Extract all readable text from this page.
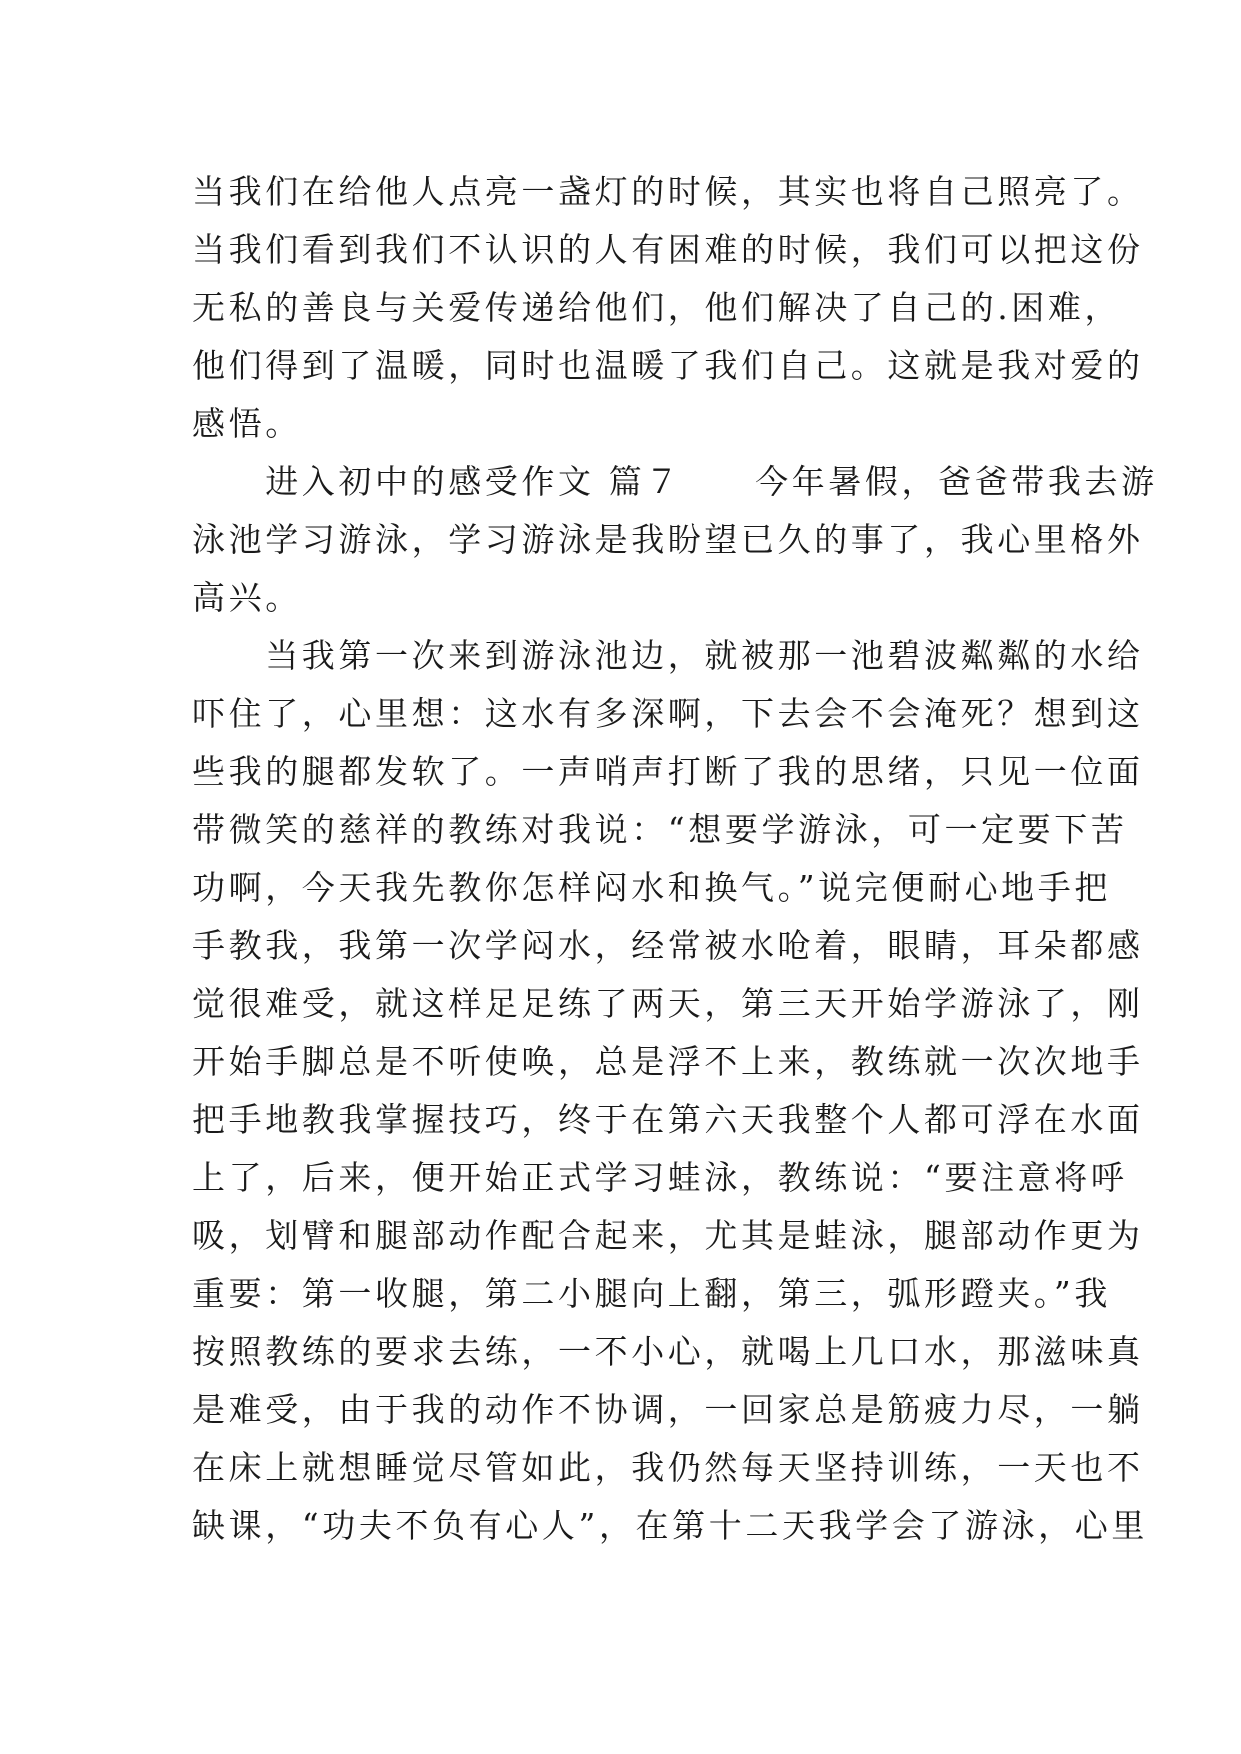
当我们在给他人点亮一盏灯的时候，其实也将自己照亮了。
当我们看到我们不认识的人有困难的时候，我们可以把这份
无私的善良与关爱传递给他们，他们解决了自己的.困难，
他们得到了温暖，同时也温暖了我们自己。这就是我对爱的
感悟。
　　进入初中的感受作文 篇７　　今年暑假，爸爸带我去游
泳池学习游泳，学习游泳是我盼望已久的事了，我心里格外
高兴。
　　当我第一次来到游泳池边，就被那一池碧波粼粼的水给
吓住了，心里想：这水有多深啊，下去会不会淹死？想到这
些我的腿都发软了。一声哨声打断了我的思绪，只见一位面
带微笑的慈祥的教练对我说：“想要学游泳，可一定要下苦
功啊，今天我先教你怎样闷水和换气。”说完便耐心地手把
手教我，我第一次学闷水，经常被水呛着，眼睛，耳朵都感
觉很难受，就这样足足练了两天，第三天开始学游泳了，刚
开始手脚总是不听使唤，总是浮不上来，教练就一次次地手
把手地教我掌握技巧，终于在第六天我整个人都可浮在水面
上了，后来，便开始正式学习蛙泳，教练说：“要注意将呼
吸，划臂和腿部动作配合起来，尤其是蛙泳，腿部动作更为
重要：第一收腿，第二小腿向上翻，第三，弧形蹬夹。”我
按照教练的要求去练，一不小心，就喝上几口水，那滋味真
是难受，由于我的动作不协调，一回家总是筋疲力尽，一躺
在床上就想睡觉尽管如此，我仍然每天坚持训练，一天也不
缺课，“功夫不负有心人”，在第十二天我学会了游泳，心里
